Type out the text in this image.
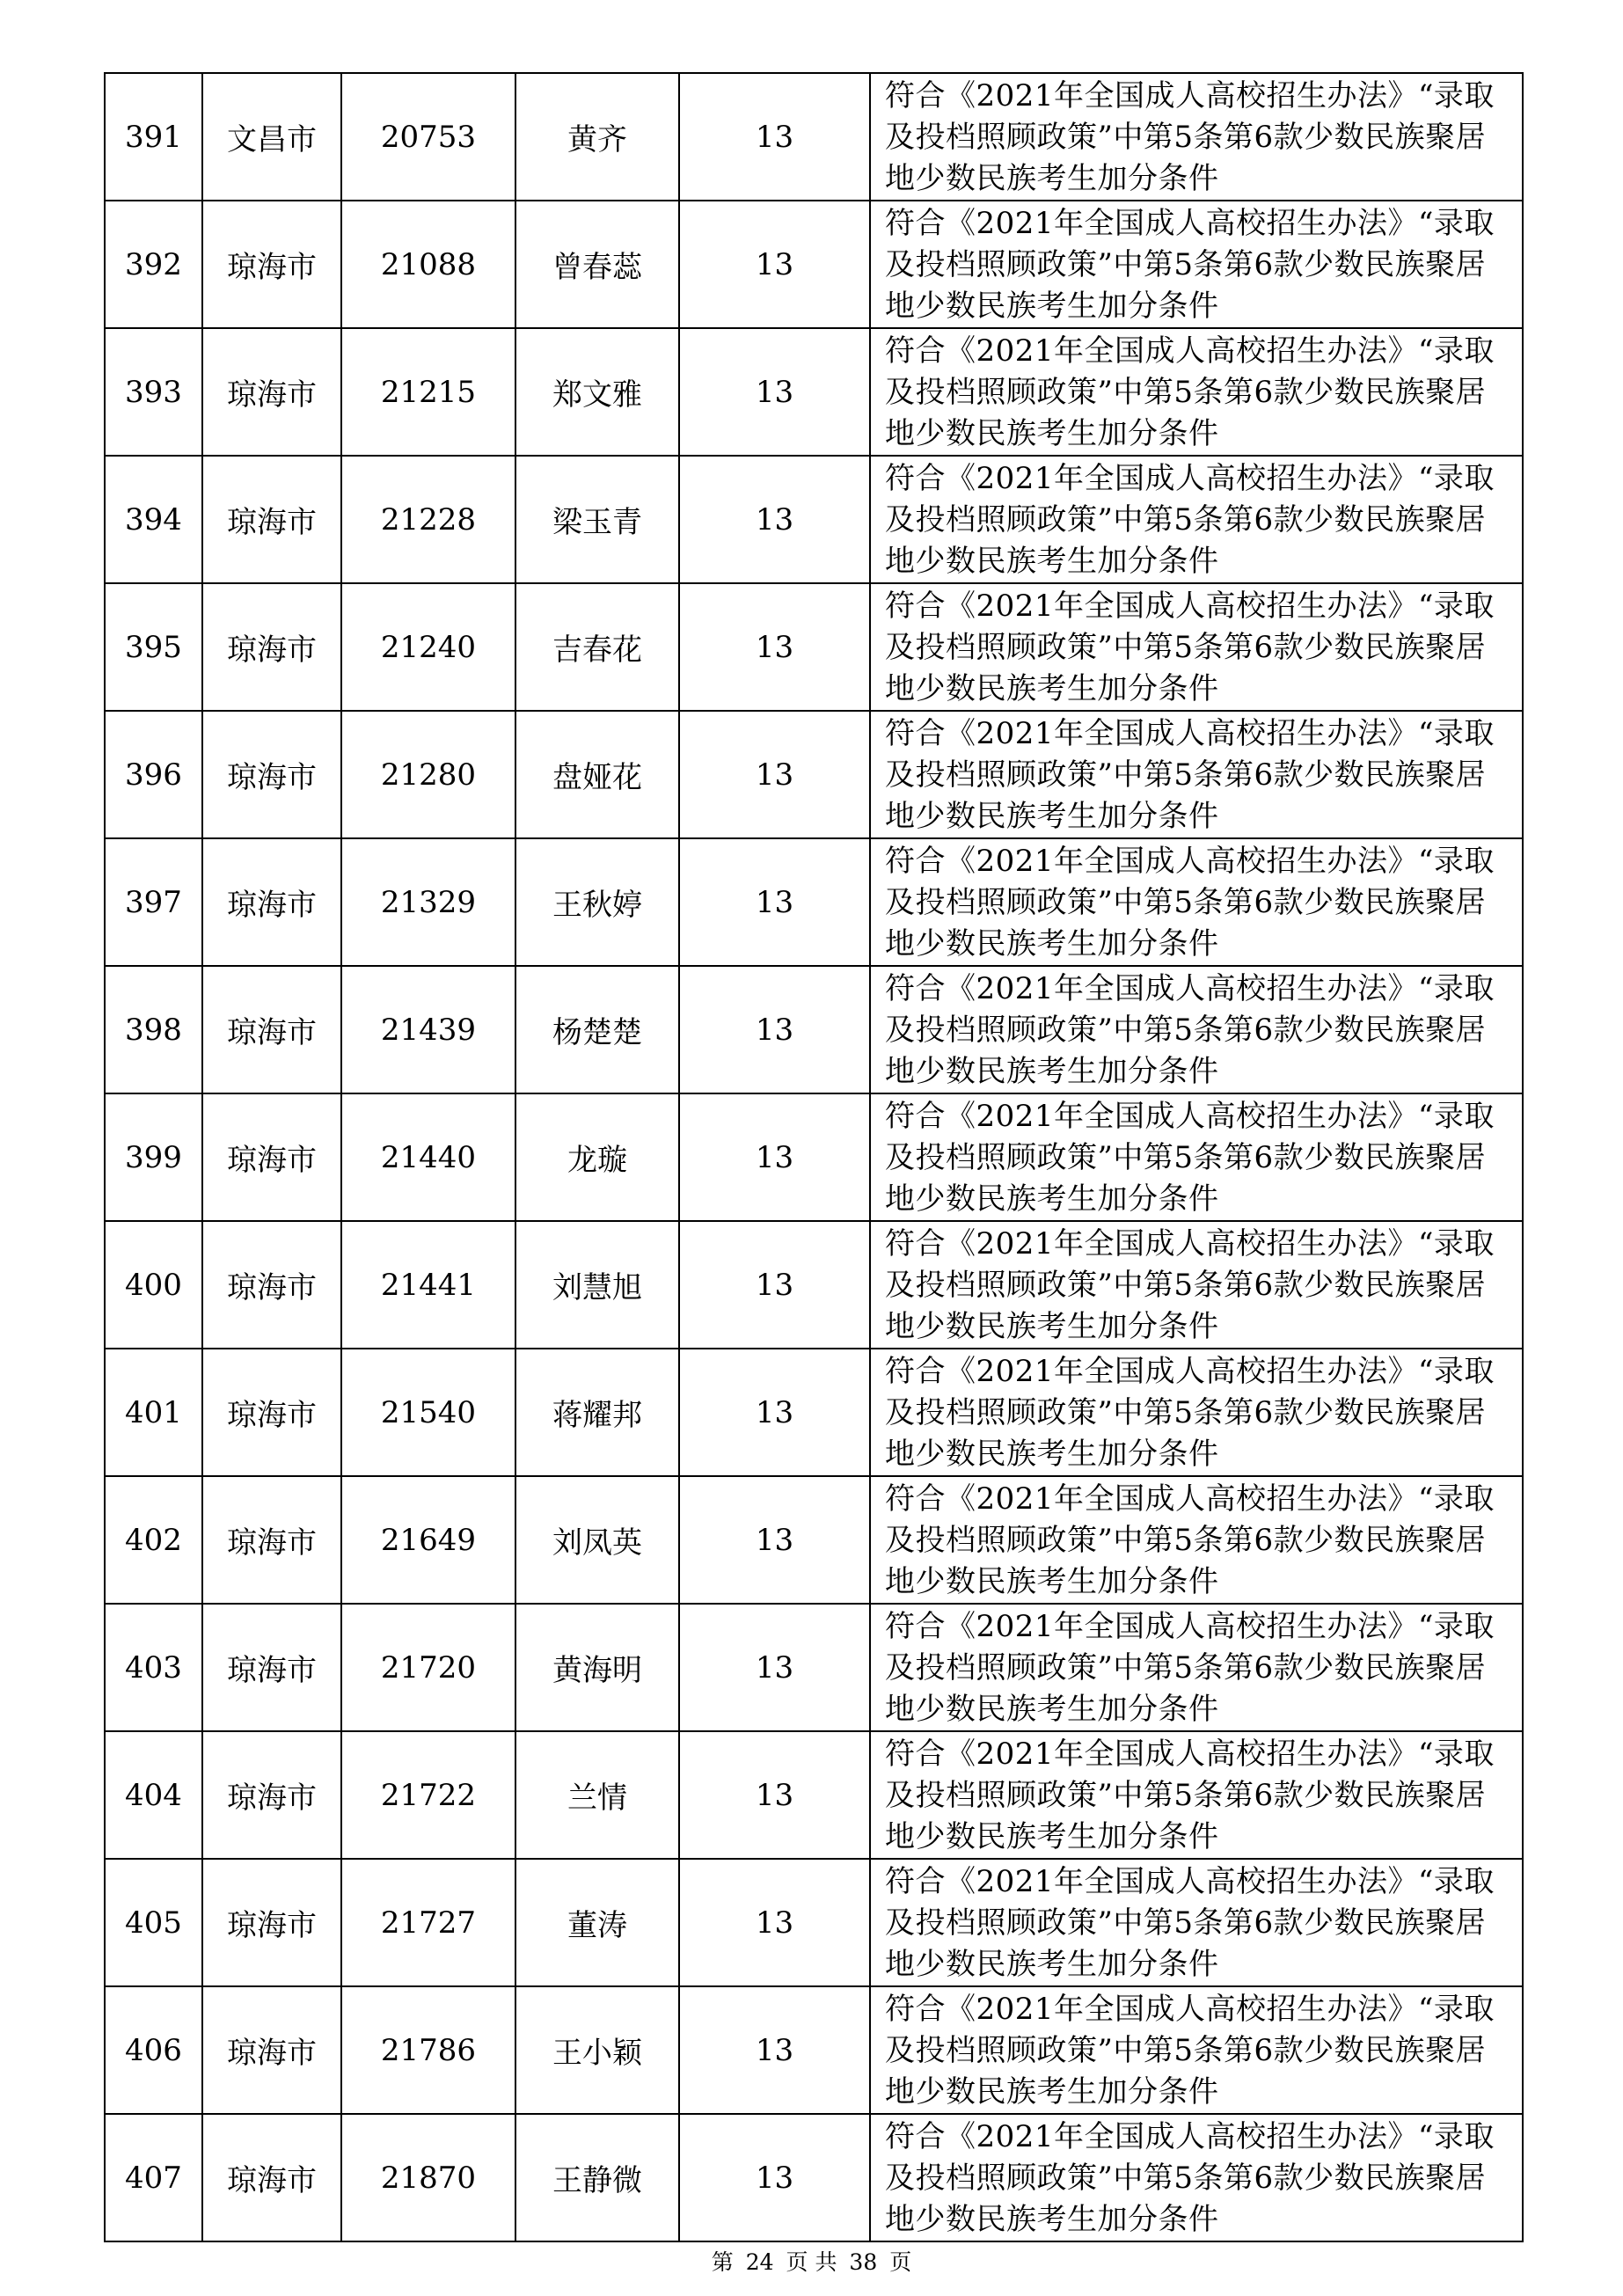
391	文昌市	20753	黄齐	13	符合《2021年全国成人高校招生办法》“录取及投档照顾政策”中第5条第6款少数民族聚居地少数民族考生加分条件
392	琼海市	21088	曾春蕊	13	符合《2021年全国成人高校招生办法》“录取及投档照顾政策”中第5条第6款少数民族聚居地少数民族考生加分条件
393	琼海市	21215	郑文雅	13	符合《2021年全国成人高校招生办法》“录取及投档照顾政策”中第5条第6款少数民族聚居地少数民族考生加分条件
394	琼海市	21228	梁玉青	13	符合《2021年全国成人高校招生办法》“录取及投档照顾政策”中第5条第6款少数民族聚居地少数民族考生加分条件
395	琼海市	21240	吉春花	13	符合《2021年全国成人高校招生办法》“录取及投档照顾政策”中第5条第6款少数民族聚居地少数民族考生加分条件
396	琼海市	21280	盘娅花	13	符合《2021年全国成人高校招生办法》“录取及投档照顾政策”中第5条第6款少数民族聚居地少数民族考生加分条件
397	琼海市	21329	王秋婷	13	符合《2021年全国成人高校招生办法》“录取及投档照顾政策”中第5条第6款少数民族聚居地少数民族考生加分条件
398	琼海市	21439	杨楚楚	13	符合《2021年全国成人高校招生办法》“录取及投档照顾政策”中第5条第6款少数民族聚居地少数民族考生加分条件
399	琼海市	21440	龙璇	13	符合《2021年全国成人高校招生办法》“录取及投档照顾政策”中第5条第6款少数民族聚居地少数民族考生加分条件
400	琼海市	21441	刘慧旭	13	符合《2021年全国成人高校招生办法》“录取及投档照顾政策”中第5条第6款少数民族聚居地少数民族考生加分条件
401	琼海市	21540	蒋耀邦	13	符合《2021年全国成人高校招生办法》“录取及投档照顾政策”中第5条第6款少数民族聚居地少数民族考生加分条件
402	琼海市	21649	刘凤英	13	符合《2021年全国成人高校招生办法》“录取及投档照顾政策”中第5条第6款少数民族聚居地少数民族考生加分条件
403	琼海市	21720	黄海明	13	符合《2021年全国成人高校招生办法》“录取及投档照顾政策”中第5条第6款少数民族聚居地少数民族考生加分条件
404	琼海市	21722	兰情	13	符合《2021年全国成人高校招生办法》“录取及投档照顾政策”中第5条第6款少数民族聚居地少数民族考生加分条件
405	琼海市	21727	董涛	13	符合《2021年全国成人高校招生办法》“录取及投档照顾政策”中第5条第6款少数民族聚居地少数民族考生加分条件
406	琼海市	21786	王小颖	13	符合《2021年全国成人高校招生办法》“录取及投档照顾政策”中第5条第6款少数民族聚居地少数民族考生加分条件
407	琼海市	21870	王静微	13	符合《2021年全国成人高校招生办法》“录取及投档照顾政策”中第5条第6款少数民族聚居地少数民族考生加分条件
第 24 页 共 38 页
